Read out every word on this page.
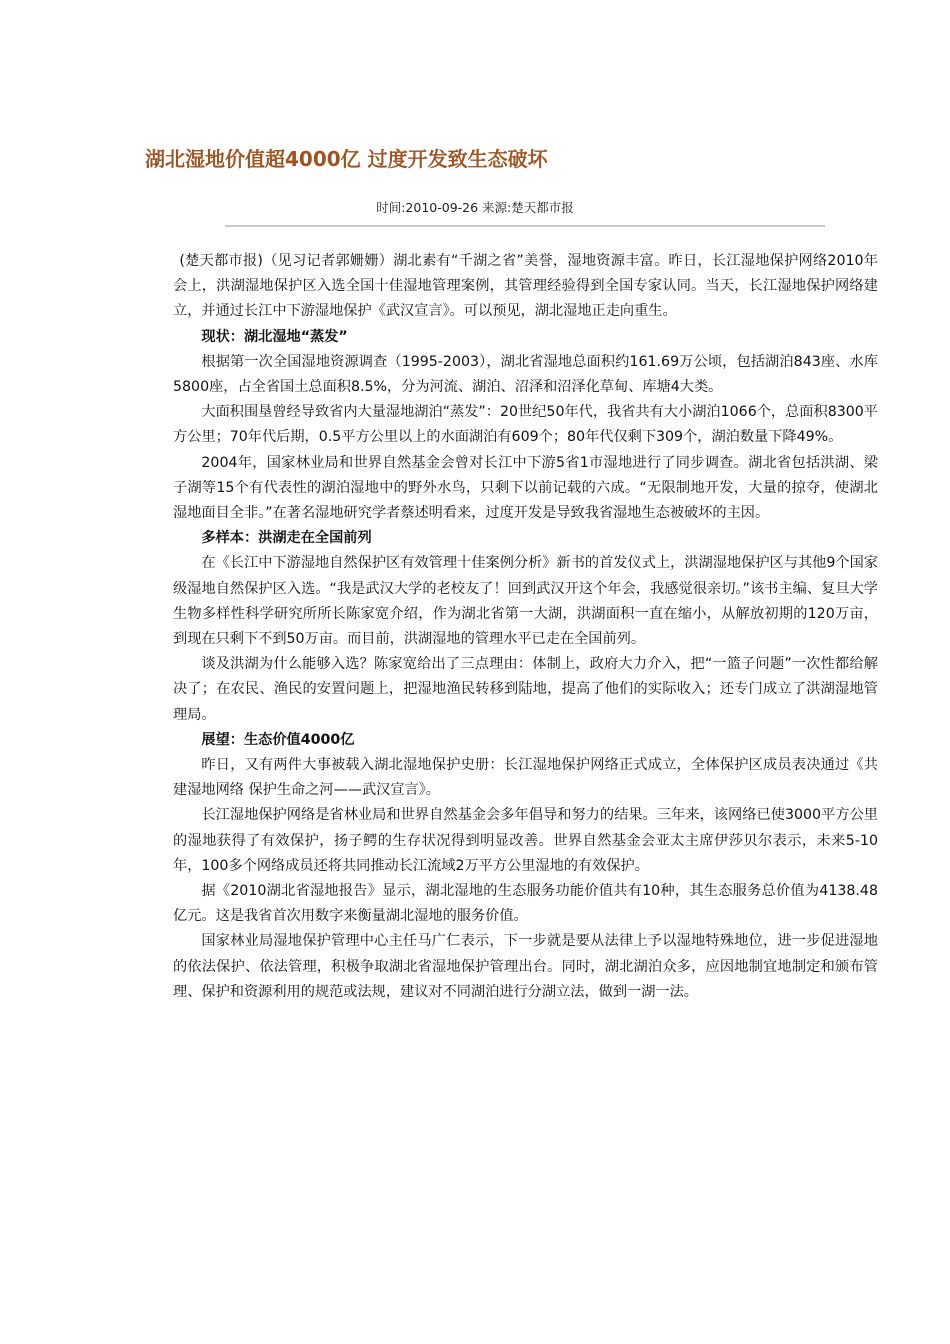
湖北湿地价值超4000亿 过度开发致生态破坏
时间:2010-09-26 来源:楚天都市报

(楚天都市报)（见习记者郭姗姗）湖北素有“千湖之省”美誉，湿地资源丰富。昨日，长江湿地保护网络2010年会上，洪湖湿地保护区入选全国十佳湿地管理案例，其管理经验得到全国专家认同。当天，长江湿地保护网络建立，并通过长江中下游湿地保护《武汉宣言》。可以预见，湖北湿地正走向重生。

现状：湖北湿地“蒸发”

根据第一次全国湿地资源调查（1995-2003），湖北省湿地总面积约161.69万公顷，包括湖泊843座、水库5800座，占全省国土总面积8.5%，分为河流、湖泊、沼泽和沼泽化草甸、库塘4大类。

大面积围垦曾经导致省内大量湿地湖泊“蒸发”：20世纪50年代，我省共有大小湖泊1066个，总面积8300平方公里；70年代后期，0.5平方公里以上的水面湖泊有609个；80年代仅剩下309个，湖泊数量下降49%。

2004年，国家林业局和世界自然基金会曾对长江中下游5省1市湿地进行了同步调查。湖北省包括洪湖、梁子湖等15个有代表性的湖泊湿地中的野外水鸟，只剩下以前记载的六成。“无限制地开发，大量的掠夺，使湖北湿地面目全非。”在著名湿地研究学者蔡述明看来，过度开发是导致我省湿地生态被破坏的主因。

多样本：洪湖走在全国前列

在《长江中下游湿地自然保护区有效管理十佳案例分析》新书的首发仪式上，洪湖湿地保护区与其他9个国家级湿地自然保护区入选。“我是武汉大学的老校友了！回到武汉开这个年会，我感觉很亲切。”该书主编、复旦大学生物多样性科学研究所所长陈家宽介绍，作为湖北省第一大湖，洪湖面积一直在缩小，从解放初期的120万亩，到现在只剩下不到50万亩。而目前，洪湖湿地的管理水平已走在全国前列。

谈及洪湖为什么能够入选？陈家宽给出了三点理由：体制上，政府大力介入，把“一篮子问题”一次性都给解决了；在农民、渔民的安置问题上，把湿地渔民转移到陆地，提高了他们的实际收入；还专门成立了洪湖湿地管理局。

展望：生态价值4000亿

昨日，又有两件大事被载入湖北湿地保护史册：长江湿地保护网络正式成立，全体保护区成员表决通过《共建湿地网络 保护生命之河——武汉宣言》。

长江湿地保护网络是省林业局和世界自然基金会多年倡导和努力的结果。三年来，该网络已使3000平方公里的湿地获得了有效保护，扬子鳄的生存状况得到明显改善。世界自然基金会亚太主席伊莎贝尔表示，未来5-10年，100多个网络成员还将共同推动长江流域2万平方公里湿地的有效保护。

据《2010湖北省湿地报告》显示，湖北湿地的生态服务功能价值共有10种，其生态服务总价值为4138.48亿元。这是我省首次用数字来衡量湖北湿地的服务价值。

国家林业局湿地保护管理中心主任马广仁表示，下一步就是要从法律上予以湿地特殊地位，进一步促进湿地的依法保护、依法管理，积极争取湖北省湿地保护管理出台。同时，湖北湖泊众多，应因地制宜地制定和颁布管理、保护和资源利用的规范或法规，建议对不同湖泊进行分湖立法，做到一湖一法。
